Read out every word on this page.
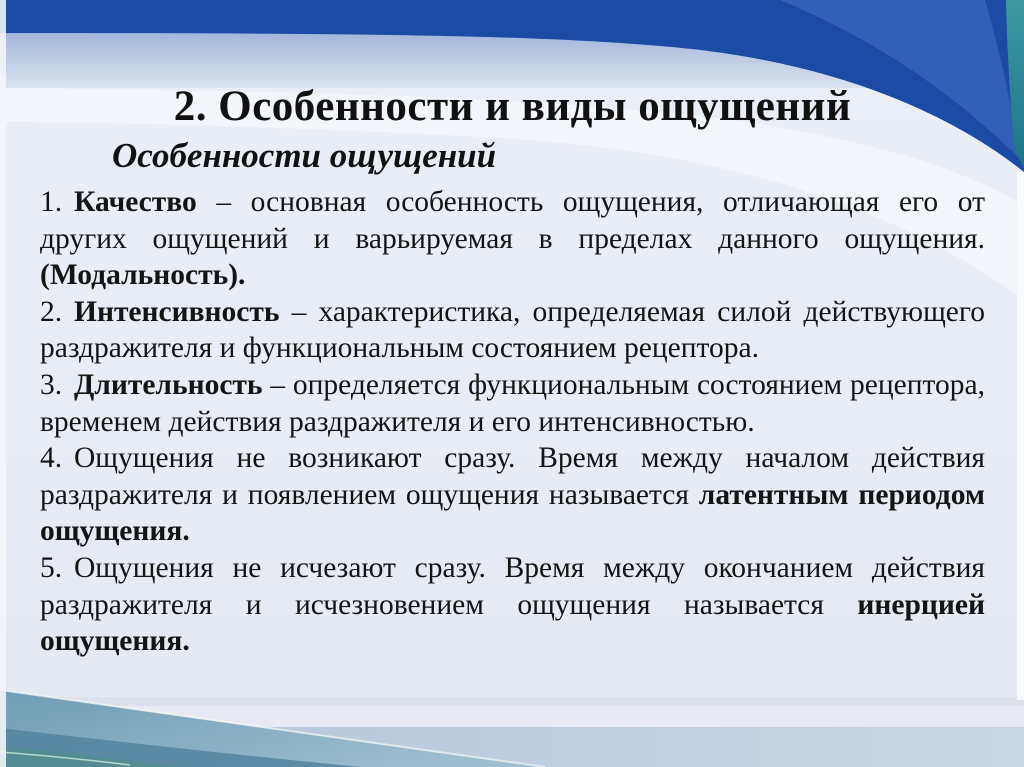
2. Особенности и виды ощущений
Особенности ощущений

1. Качество – основная особенность ощущения, отличающая его от других ощущений и варьируемая в пределах данного ощущения. (Модальность).

2. Интенсивность – характеристика, определяемая силой действующего раздражителя и функциональным состоянием рецептора.

3. Длительность – определяется функциональным состоянием рецептора, временем действия раздражителя и его интенсивностью.

4. Ощущения не возникают сразу. Время между началом действия раздражителя и появлением ощущения называется латентным периодом ощущения.

5. Ощущения не исчезают сразу. Время между окончанием действия раздражителя и исчезновением ощущения называется инерцией ощущения.
